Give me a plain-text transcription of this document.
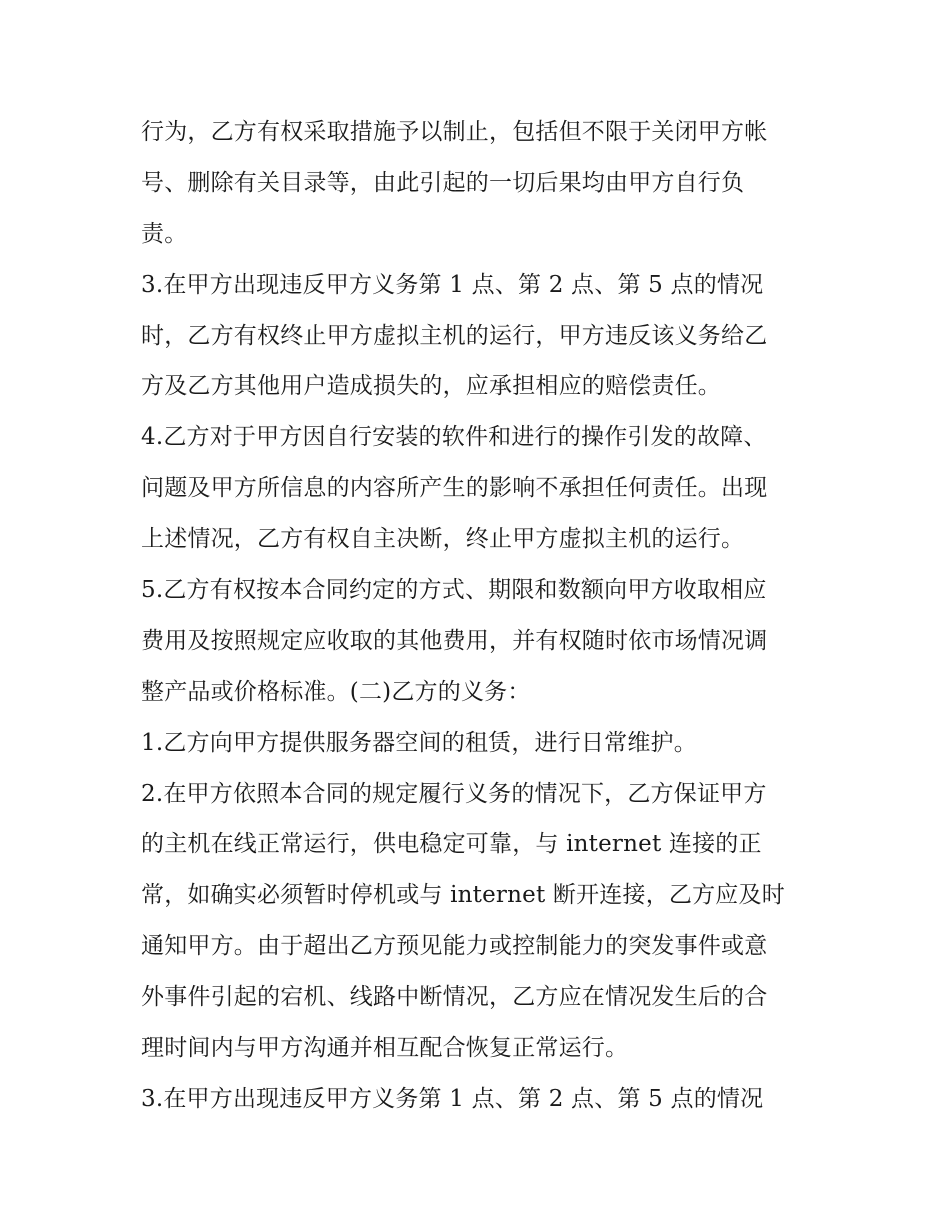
行为，乙方有权采取措施予以制止，包括但不限于关闭甲方帐
号、删除有关目录等，由此引起的一切后果均由甲方自行负
责。
3.在甲方出现违反甲方义务第 1 点、第 2 点、第 5 点的情况
时，乙方有权终止甲方虚拟主机的运行，甲方违反该义务给乙
方及乙方其他用户造成损失的，应承担相应的赔偿责任。
4.乙方对于甲方因自行安装的软件和进行的操作引发的故障、
问题及甲方所信息的内容所产生的影响不承担任何责任。出现
上述情况，乙方有权自主决断，终止甲方虚拟主机的运行。
5.乙方有权按本合同约定的方式、期限和数额向甲方收取相应
费用及按照规定应收取的其他费用，并有权随时依市场情况调
整产品或价格标准。(二)乙方的义务：
1.乙方向甲方提供服务器空间的租赁，进行日常维护。
2.在甲方依照本合同的规定履行义务的情况下，乙方保证甲方
的主机在线正常运行，供电稳定可靠，与 internet 连接的正
常，如确实必须暂时停机或与 internet 断开连接，乙方应及时
通知甲方。由于超出乙方预见能力或控制能力的突发事件或意
外事件引起的宕机、线路中断情况，乙方应在情况发生后的合
理时间内与甲方沟通并相互配合恢复正常运行。
3.在甲方出现违反甲方义务第 1 点、第 2 点、第 5 点的情况
